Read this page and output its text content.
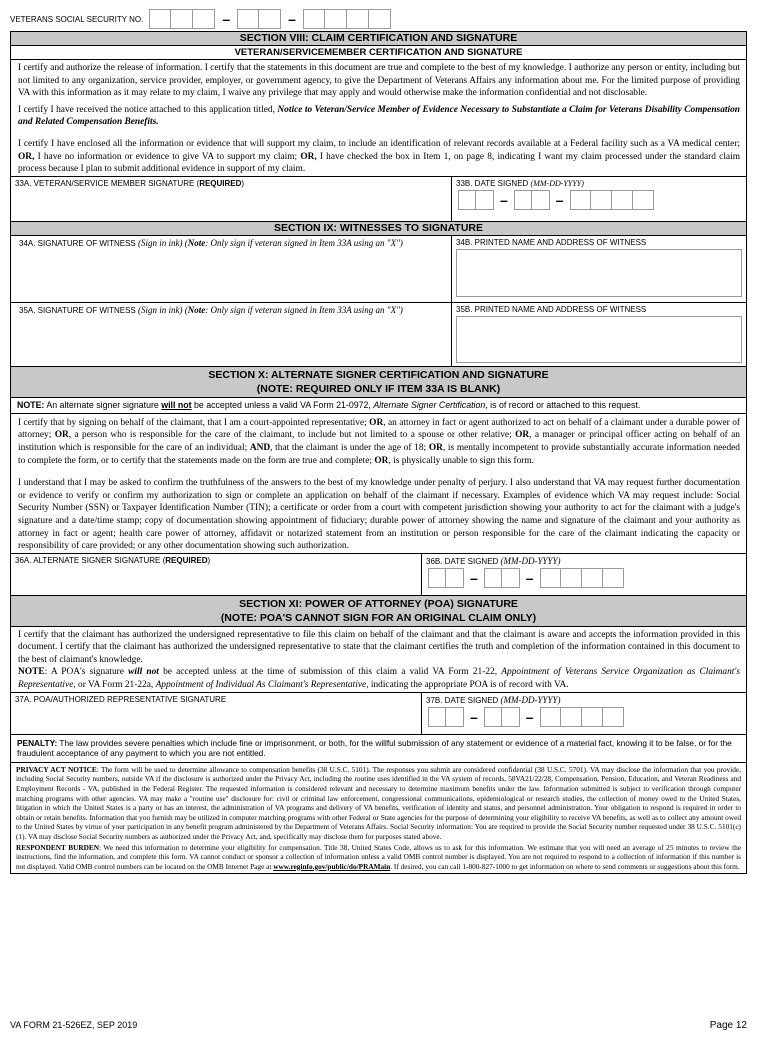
VETERANS SOCIAL SECURITY NO.	–	–
SECTION VIII: CLAIM CERTIFICATION AND SIGNATURE
VETERAN/SERVICEMEMBER CERTIFICATION AND SIGNATURE

I certify and authorize the release of information. I certify that the statements in this document are true and complete to the best of my knowledge. I authorize any person or entity, including but not limited to any organization, service provider, employer, or government agency, to give the Department of Veterans Affairs any information about me. For the limited purpose of providing VA with this information as it may relate to my claim, I waive any privilege that may apply and would otherwise make the information confidential and not disclosable.

I certify I have received the notice attached to this application titled, Notice to Veteran/Service Member of Evidence Necessary to Substantiate a Claim for Veterans Disability Compensation and Related Compensation Benefits.

I certify I have enclosed all the information or evidence that will support my claim, to include an identification of relevant records available at a Federal facility such as a VA medical center; OR, I have no information or evidence to give VA to support my claim; OR, I have checked the box in Item 1, on page 8, indicating I want my claim processed under the standard claim process because I plan to submit additional evidence in support of my claim.

33A. VETERAN/SERVICE MEMBER SIGNATURE (REQUIRED)	33B. DATE SIGNED (MM-DD-YYYY)
–	–
SECTION IX: WITNESSES TO SIGNATURE
34A. SIGNATURE OF WITNESS (Sign in ink) (Note: Only sign if veteran signed in Item 33A using an "X")	34B. PRINTED NAME AND ADDRESS OF WITNESS
35A. SIGNATURE OF WITNESS (Sign in ink) (Note: Only sign if veteran signed in Item 33A using an "X")	35B. PRINTED NAME AND ADDRESS OF WITNESS
SECTION X: ALTERNATE SIGNER CERTIFICATION AND SIGNATURE
(NOTE: REQUIRED ONLY IF ITEM 33A IS BLANK)
NOTE: An alternate signer signature will not be accepted unless a valid VA Form 21-0972, Alternate Signer Certification, is of record or attached to this request.

I certify that by signing on behalf of the claimant, that I am a court-appointed representative; OR, an attorney in fact or agent authorized to act on behalf of a claimant under a durable power of attorney; OR, a person who is responsible for the care of the claimant, to include but not limited to a spouse or other relative; OR, a manager or principal officer acting on behalf of an institution which is responsible for the care of an individual; AND, that the claimant is under the age of 18; OR, is mentally incompetent to provide substantially accurate information needed to complete the form, or to certify that the statements made on the form are true and complete; OR, is physically unable to sign this form.

I understand that I may be asked to confirm the truthfulness of the answers to the best of my knowledge under penalty of perjury. I also understand that VA may request further documentation or evidence to verify or confirm my authorization to sign or complete an application on behalf of the claimant if necessary. Examples of evidence which VA may request include: Social Security Number (SSN) or Taxpayer Identification Number (TIN); a certificate or order from a court with competent jurisdiction showing your authority to act for the claimant with a judge's signature and a date/time stamp; copy of documentation showing appointment of fiduciary; durable power of attorney showing the name and signature of the claimant and your authority as attorney in fact or agent; health care power of attorney, affidavit or notarized statement from an institution or person responsible for the care of the claimant indicating the capacity or responsibility of care provided; or any other documentation showing such authorization.

36A. ALTERNATE SIGNER SIGNATURE (REQUIRED)	36B. DATE SIGNED (MM-DD-YYYY)
–	–
SECTION XI: POWER OF ATTORNEY (POA) SIGNATURE
(NOTE: POA'S CANNOT SIGN FOR AN ORIGINAL CLAIM ONLY)

I certify that the claimant has authorized the undersigned representative to file this claim on behalf of the claimant and that the claimant is aware and accepts the information provided in this document. I certify that the claimant has authorized the undersigned representative to state that the claimant certifies the truth and completion of the information contained in this document to the best of claimant's knowledge.

NOTE: A POA's signature will not be accepted unless at the time of submission of this claim a valid VA Form 21-22, Appointment of Veterans Service Organization as Claimant's Representative, or VA Form 21-22a, Appointment of Individual As Claimant's Representative, indicating the appropriate POA is of record with VA.

37A. POA/AUTHORIZED REPRESENTATIVE SIGNATURE	37B. DATE SIGNED (MM-DD-YYYY)
–	–
PENALTY: The law provides severe penalties which include fine or imprisonment, or both, for the willful submission of any statement or evidence of a material fact, knowing it to be false, or for the fraudulent acceptance of any payment to which you are not entitled.

PRIVACY ACT NOTICE: The form will be used to determine allowance to compensation benefits (38 U.S.C. 5101). The responses you submit are considered confidential (38 U.S.C. 5701). VA may disclose the information that you provide, including Social Security numbers, outside VA if the disclosure is authorized under the Privacy Act, including the routine uses identified in the VA system of records, 58VA21/22/28, Compensation, Pension, Education, and Veteran Readiness and Employment Records - VA, published in the Federal Register. The requested information is considered relevant and necessary to determine maximum benefits under the law. Information submitted is subject to verification through computer matching programs with other agencies. VA may make a "routine use" disclosure for: civil or criminal law enforcement, congressional communications, epidemiological or research studies, the collection of money owed to the United States, litigation in which the United States is a party or has an interest, the administration of VA programs and delivery of VA benefits, verification of identity and status, and personnel administration. Your obligation to respond is required in order to obtain or retain benefits. Information that you furnish may be utilized in computer matching programs with other Federal or State agencies for the purpose of determining your eligibility to receive VA benefits, as well as to collect any amount owed to the United States by virtue of your participation in any benefit program administered by the Department of Veterans Affairs. Social Security information: You are required to provide the Social Security number requested under 38 U.S.C. 5101(c)(1). VA may disclose Social Security numbers as authorized under the Privacy Act, and, specifically may disclose them for purposes stated above.

RESPONDENT BURDEN: We need this information to determine your eligibility for compensation. Title 38, United States Code, allows us to ask for this information. We estimate that you will need an average of 25 minutes to review the instructions, find the information, and complete this form. VA cannot conduct or sponsor a collection of information unless a valid OMB control number is displayed. You are not required to respond to a collection of information if this number is not displayed. Valid OMB control numbers can be located on the OMB Internet Page at www.reginfo.gov/public/do/PRAMain. If desired, you can call 1-800-827-1000 to get information on where to send comments or suggestions about this form.

VA FORM 21-526EZ, SEP 2019	Page 12
